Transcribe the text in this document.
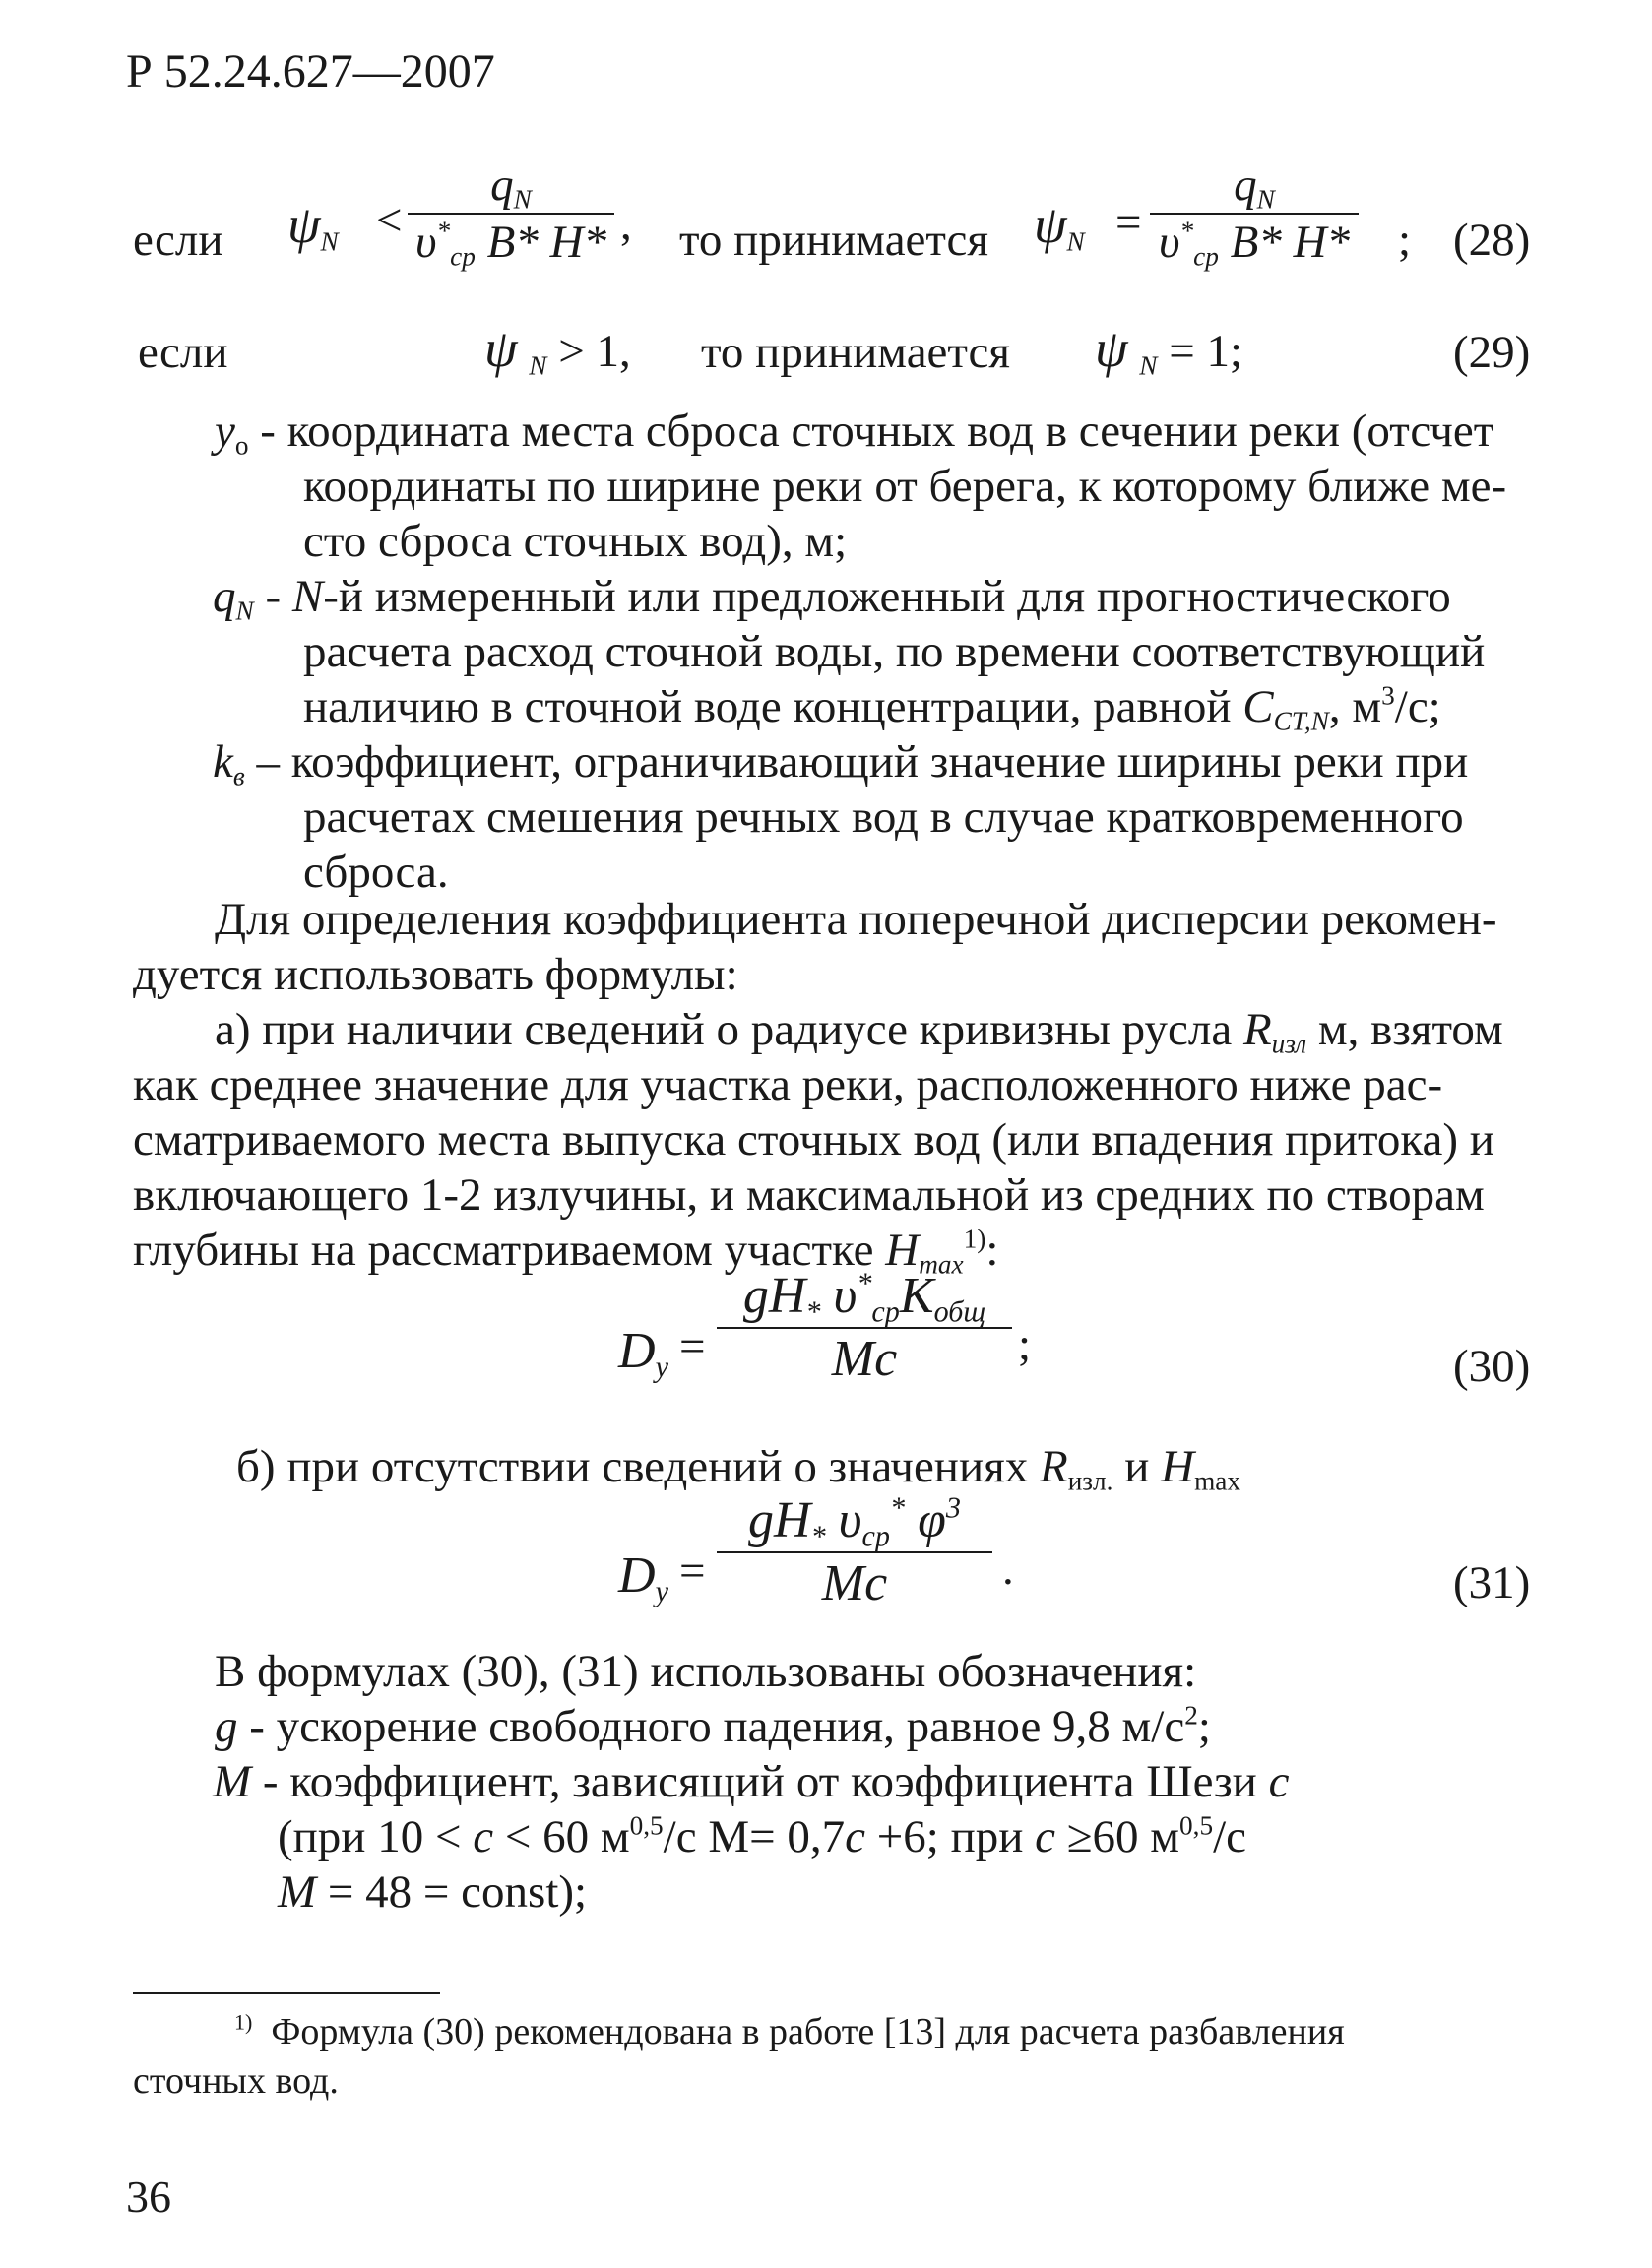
Р 52.24.627—2007
если $\psi_N$ <
$q_N$
$\upsilon^*_{ср}$ B* H* , то принимается $\psi_N$ =
$q_N$
$\upsilon^*_{ср}$ B* H* ; (28)
если	ψ $_N$ > 1, то принимается ψ $_N$ = 1;	(29)
$y_o$ - координата места сброса сточных вод в сечении реки (отсчет
координаты по ширине реки от берега, к которому ближе ме-
сто сброса сточных вод), м;
$q_N - N-й$ измеренный или предложенный для прогностического
расчета расход сточной воды, по времени соответствующий
наличию в сточной воде концентрации, равной $C_{CT,N}$, $м^3/с$;
$k_в$ – коэффициент, ограничивающий значение ширины реки при
расчетах смешения речных вод в случае кратковременного
сброса.
Для определения коэффициента поперечной дисперсии рекомен-
дуется использовать формулы:
а) при наличии сведений о радиусе кривизны русла $R_{изл}$ м, взятом
как среднее значение для участка реки, расположенного ниже рас-
сматриваемого места выпуска сточных вод (или впадения притока) и
включающего 1-2 излучины, и максимальной из средних по створам
глубины на рассматриваемом участке $H_{max}^{1)}$:
$D_y$ =
$gH_*$ $\upsilon^*_{ср}K_{общ}$
Mc	;	(30)
б) при отсутствии сведений о значениях $R_{изл.}$ и $H_{max}$
$D_y$ =
$gH_*$ $\upsilon_{ср}^*$ $\varphi^3$
Mc	.	(31)
В формулах (30), (31) использованы обозначения:
g - ускорение свободного падения, равное 9,8 $м/с^2$;
M - коэффициент, зависящий от коэффициента Шези c
(при 10 < c < 60 $м^{0,5}/с$ М= 0,7c +6; при c ≥60 $м^{0,5}/с$
M = 48 = const);
$^{1)}$ Формула (30) рекомендована в работе [13] для расчета разбавления
сточных вод.
36
